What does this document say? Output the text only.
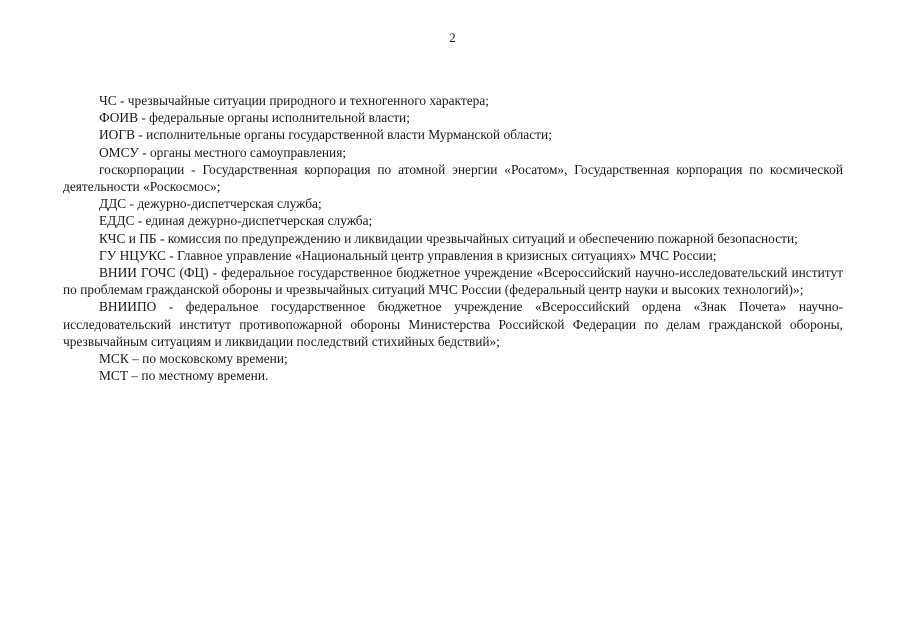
2

ЧС - чрезвычайные ситуации природного и техногенного характера;

ФОИВ - федеральные органы исполнительной власти;

ИОГВ - исполнительные органы государственной власти Мурманской области;

ОМСУ - органы местного самоуправления;

госкорпорации - Государственная корпорация по атомной энергии «Росатом», Государственная корпорация по космической деятельности «Роскосмос»;

ДДС - дежурно-диспетчерская служба;

ЕДДС - единая дежурно-диспетчерская служба;

КЧС и ПБ - комиссия по предупреждению и ликвидации чрезвычайных ситуаций и обеспечению пожарной безопасности;

ГУ НЦУКС - Главное управление «Национальный центр управления в кризисных ситуациях» МЧС России;

ВНИИ ГОЧС (ФЦ) - федеральное государственное бюджетное учреждение «Всероссийский научно-исследовательский институт по проблемам гражданской обороны и чрезвычайных ситуаций МЧС России (федеральный центр науки и высоких технологий)»;

ВНИИПО - федеральное государственное бюджетное учреждение «Всероссийский ордена «Знак Почета» научно-исследовательский институт противопожарной обороны Министерства Российской Федерации по делам гражданской обороны, чрезвычайным ситуациям и ликвидации последствий стихийных бедствий»;

МСК – по московскому времени;

МСТ – по местному времени.
